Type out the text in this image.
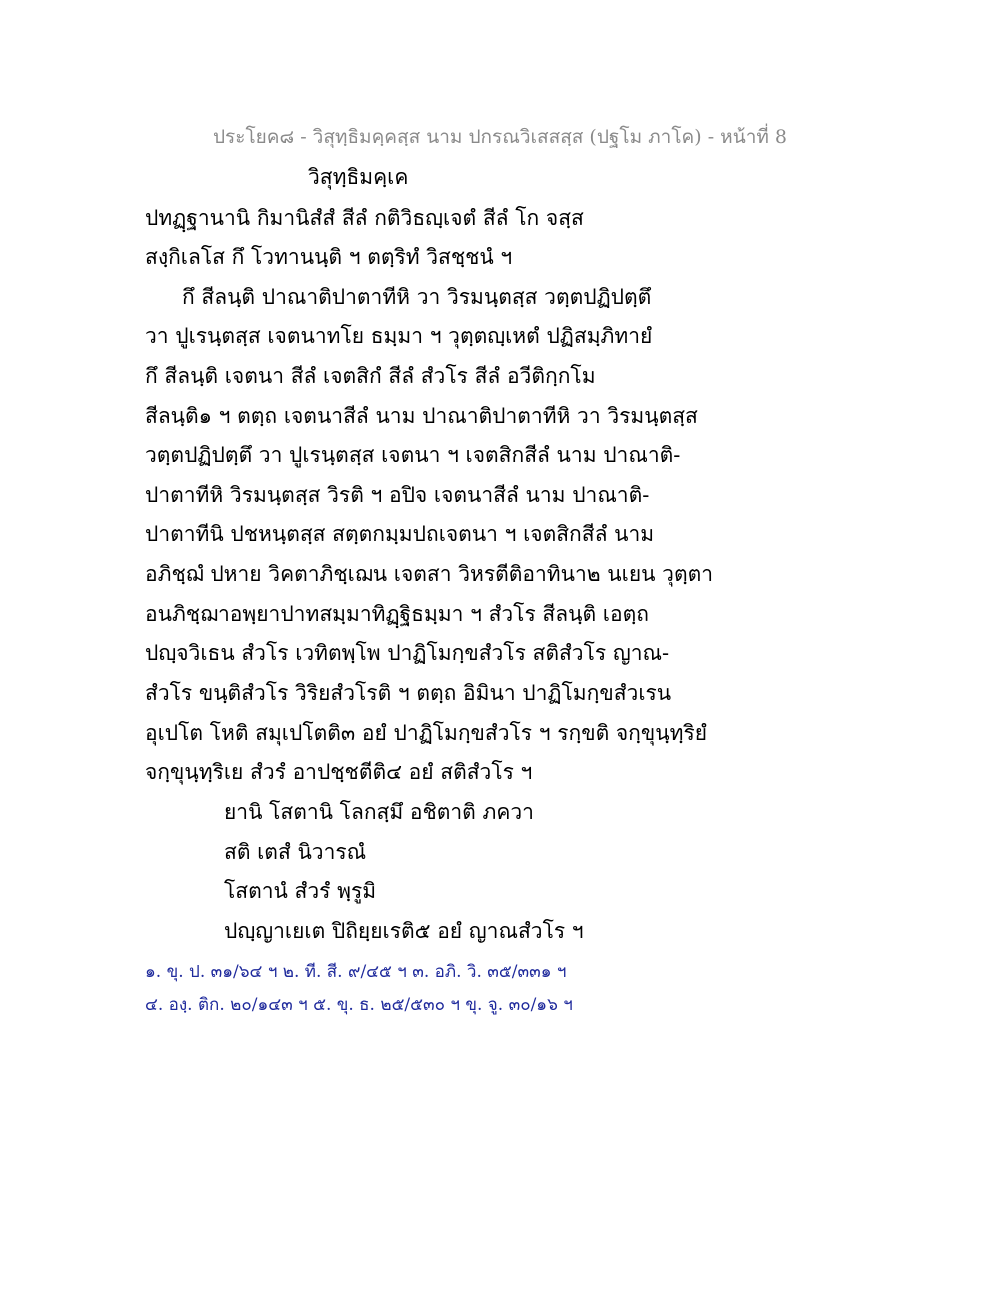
ประโยค๘ - วิสุทฺธิมคฺคสฺส นาม ปกรณวิเสสสฺส (ปฐโม ภาโค) - หน้าที่ 8
วิสุทฺธิมคฺเค
ปทฏฺฐานานิ กิมานิสํสํ สีลํ กติวิธญฺเจตํ สีลํ โก จสฺส
สงฺกิเลโส กึ โวทานนฺติ ฯ ตตฺริทํ วิสชฺชนํ ฯ
กึ สีลนฺติ ปาณาติปาตาทีหิ วา วิรมนฺตสฺส วตฺตปฏิปตฺตึ
วา ปูเรนฺตสฺส เจตนาทโย ธมฺมา ฯ วุตฺตญฺเหตํ ปฏิสมฺภิทายํ
กึ สีลนฺติ เจตนา สีลํ เจตสิกํ สีลํ สํวโร สีลํ อวีติกฺกโม
สีลนฺติ๑ ฯ ตตฺถ เจตนาสีลํ นาม ปาณาติปาตาทีหิ วา วิรมนฺตสฺส
วตฺตปฏิปตฺตึ วา ปูเรนฺตสฺส เจตนา ฯ เจตสิกสีลํ นาม ปาณาติ-
ปาตาทีหิ วิรมนฺตสฺส วิรติ ฯ อปิจ เจตนาสีลํ นาม ปาณาติ-
ปาตาทีนิ ปชหนฺตสฺส สตฺตกมฺมปถเจตนา ฯ เจตสิกสีลํ นาม
อภิชฺฌํ ปหาย วิคตาภิชฺเฌน เจตสา วิหรตีติอาทินา๒ นเยน วุตฺตา
อนภิชฺฌาอพฺยาปาทสมฺมาทิฏฺฐิธมฺมา ฯ สํวโร สีลนฺติ เอตฺถ
ปญฺจวิเธน สํวโร เวทิตพฺโพ ปาฏิโมกฺขสํวโร สติสํวโร ญาณ-
สํวโร ขนฺติสํวโร วิริยสํวโรติ ฯ ตตฺถ อิมินา ปาฏิโมกฺขสํวเรน
อุเปโต โหติ สมุเปโตติ๓ อยํ ปาฏิโมกฺขสํวโร ฯ รกฺขติ จกฺขุนฺทฺริยํ
จกฺขุนฺทฺริเย สํวรํ อาปชฺชตีติ๔ อยํ สติสํวโร ฯ
ยานิ โสตานิ โลกสฺมึ อชิตาติ ภควา
สติ เตสํ นิวารณํ
โสตานํ สํวรํ พฺรูมิ
ปญฺญาเยเต ปิถิยฺยเรติ๕ อยํ ญาณสํวโร ฯ
๑. ขุ. ป. ๓๑/๖๔ ฯ ๒. ที. สี. ๙/๔๕ ฯ ๓. อภิ. วิ. ๓๕/๓๓๑ ฯ
๔. องฺ. ติก. ๒๐/๑๔๓ ฯ ๕. ขุ. ธ. ๒๕/๕๓๐ ฯ ขุ. จู. ๓๐/๑๖ ฯ
